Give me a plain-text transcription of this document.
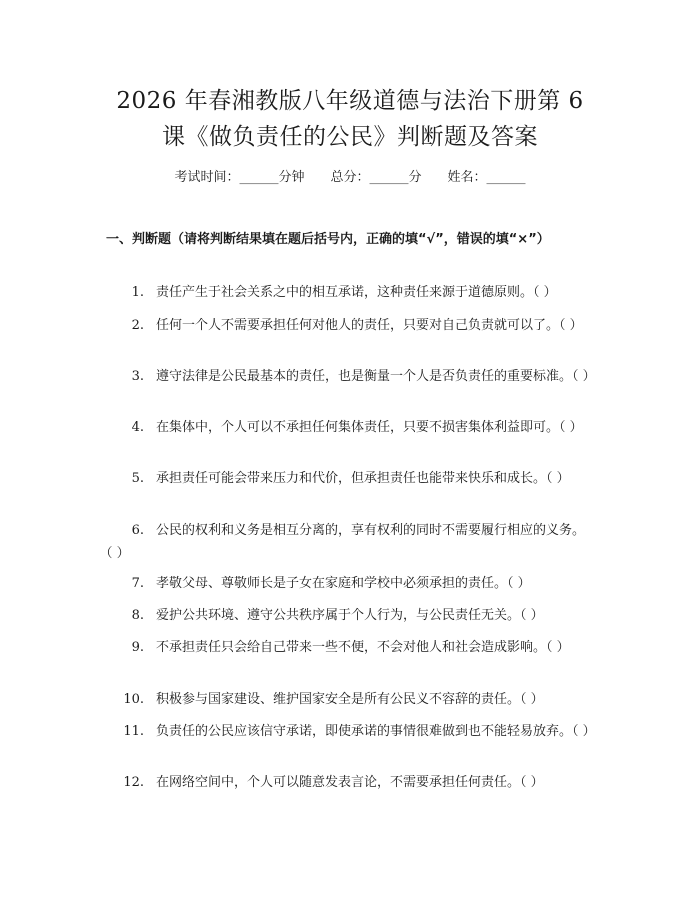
2026 年春湘教版八年级道德与法治下册第 6
课《做负责任的公民》判断题及答案
考试时间：______分钟 总分：______分 姓名：______
一、判断题（请将判断结果填在题后括号内，正确的填“√”，错误的填“×”）
1. 责任产生于社会关系之中的相互承诺，这种责任来源于道德原则。（ ）
2. 任何一个人不需要承担任何对他人的责任，只要对自己负责就可以了。（ ）
3. 遵守法律是公民最基本的责任，也是衡量一个人是否负责任的重要标准。（ ）
4. 在集体中，个人可以不承担任何集体责任，只要不损害集体利益即可。（ ）
5. 承担责任可能会带来压力和代价，但承担责任也能带来快乐和成长。（ ）
6. 公民的权利和义务是相互分离的，享有权利的同时不需要履行相应的义务。（ ）
7. 孝敬父母、尊敬师长是子女在家庭和学校中必须承担的责任。（ ）
8. 爱护公共环境、遵守公共秩序属于个人行为，与公民责任无关。（ ）
9. 不承担责任只会给自己带来一些不便，不会对他人和社会造成影响。（ ）
10. 积极参与国家建设、维护国家安全是所有公民义不容辞的责任。（ ）
11. 负责任的公民应该信守承诺，即使承诺的事情很难做到也不能轻易放弃。（ ）
12. 在网络空间中，个人可以随意发表言论，不需要承担任何责任。（ ）
